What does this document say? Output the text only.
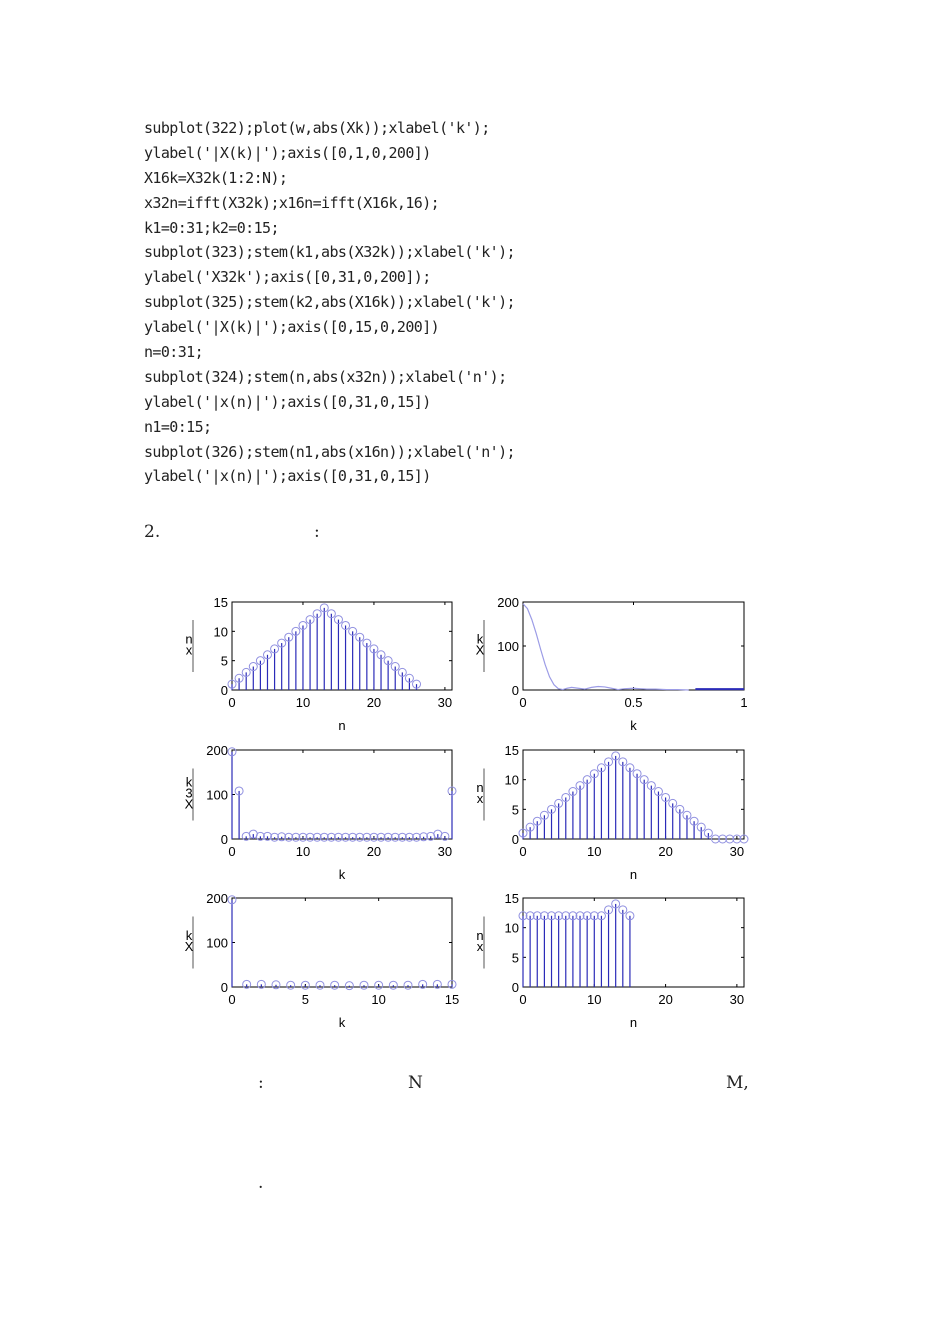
subplot(322);plot(w,abs(Xk));xlabel('k');
ylabel('|X(k)|');axis([0,1,0,200])
X16k=X32k(1:2:N);
x32n=ifft(X32k);x16n=ifft(X16k,16);
k1=0:31;k2=0:15;
subplot(323);stem(k1,abs(X32k));xlabel('k');
ylabel('X32k');axis([0,31,0,200]);
subplot(325);stem(k2,abs(X16k));xlabel('k');
ylabel('|X(k)|');axis([0,15,0,200])
n=0:31;
subplot(324);stem(n,abs(x32n));xlabel('n');
ylabel('|x(n)|');axis([0,31,0,15])
n1=0:15;
subplot(326);stem(n1,abs(x16n));xlabel('n');
ylabel('|x(n)|');axis([0,31,0,15])
2.	:
0	10	20	30
0
5
10
15
n
n
x
0	0.5	1
0
100
200
k
k
X
0	10	20	30
0
100
200
k
k
3
X
0	10	20	30
0
5
10
15
n
n
x
0	5	10	15
0
100
200
k
k
X
0	10	20	30
0
5
10
15
n
n
x
:	N	M,
.
